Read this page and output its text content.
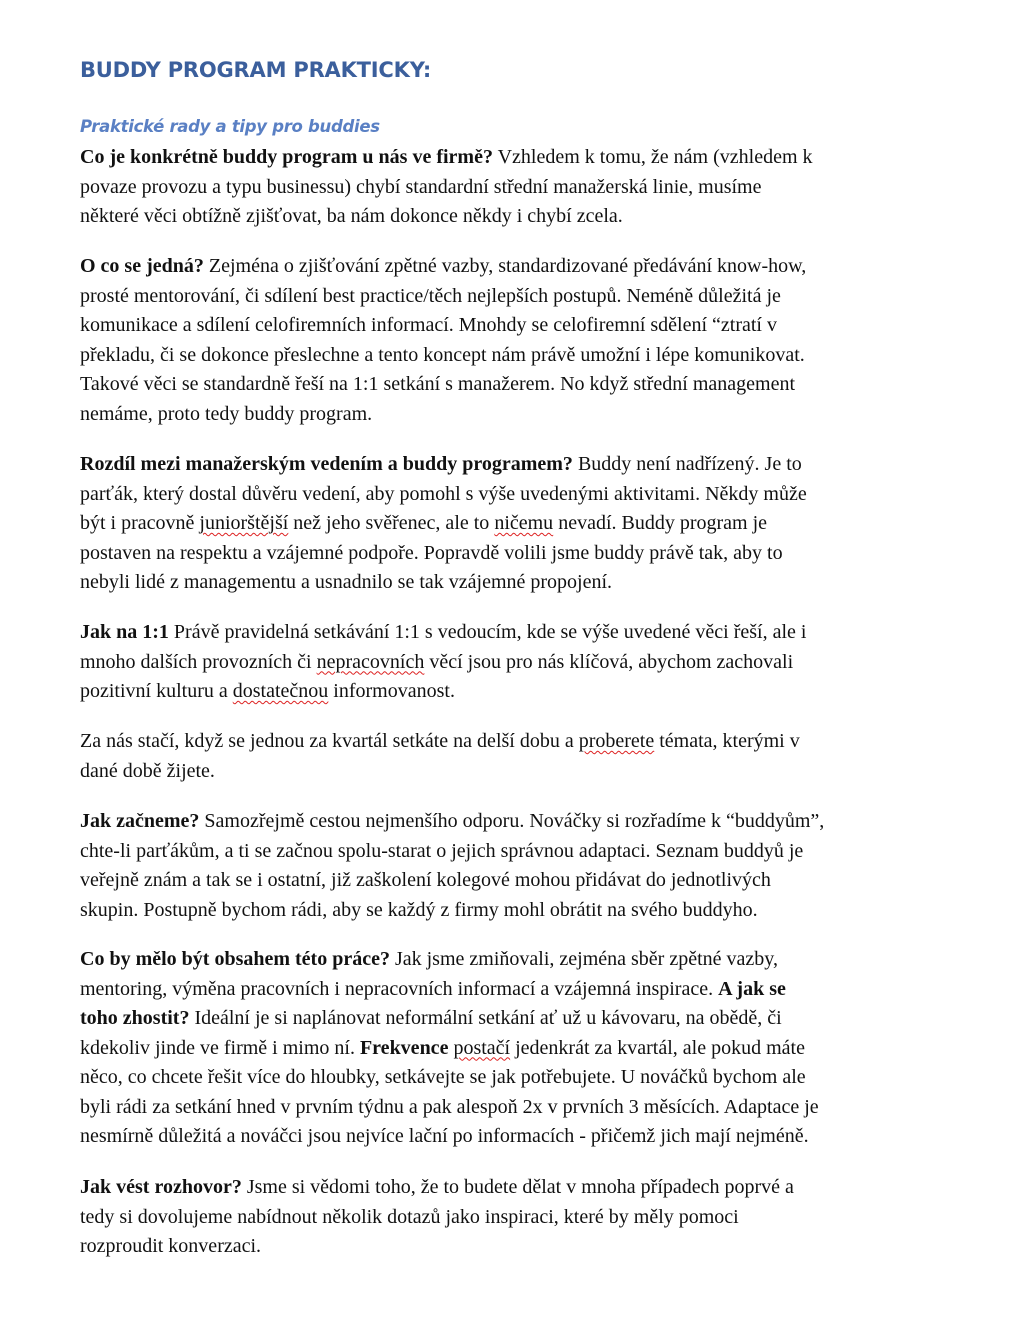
BUDDY PROGRAM PRAKTICKY:
Praktické rady a tipy pro buddies
Co je konkrétně buddy program u nás ve firmě? Vzhledem k tomu, že nám (vzhledem k
povaze provozu a typu businessu) chybí standardní střední manažerská linie, musíme
některé věci obtížně zjišťovat, ba nám dokonce někdy i chybí zcela.
O co se jedná? Zejména o zjišťování zpětné vazby, standardizované předávání know-how,
prosté mentorování, či sdílení best practice/těch nejlepších postupů. Neméně důležitá je
komunikace a sdílení celofiremních informací. Mnohdy se celofiremní sdělení “ztratí v
překladu, či se dokonce přeslechne a tento koncept nám právě umožní i lépe komunikovat.
Takové věci se standardně řeší na 1:1 setkání s manažerem. No když střední management
nemáme, proto tedy buddy program.
Rozdíl mezi manažerským vedením a buddy programem? Buddy není nadřízený. Je to
parťák, který dostal důvěru vedení, aby pomohl s výše uvedenými aktivitami. Někdy může
být i pracovně juniorštější než jeho svěřenec, ale to ničemu nevadí. Buddy program je
postaven na respektu a vzájemné podpoře. Popravdě volili jsme buddy právě tak, aby to
nebyli lidé z managementu a usnadnilo se tak vzájemné propojení.
Jak na 1:1 Právě pravidelná setkávání 1:1 s vedoucím, kde se výše uvedené věci řeší, ale i
mnoho dalších provozních či nepracovních věcí jsou pro nás klíčová, abychom zachovali
pozitivní kulturu a dostatečnou informovanost.
Za nás stačí, když se jednou za kvartál setkáte na delší dobu a proberete témata, kterými v
dané době žijete.
Jak začneme? Samozřejmě cestou nejmenšího odporu. Nováčky si rozřadíme k “buddyům”,
chte-li parťákům, a ti se začnou spolu-starat o jejich správnou adaptaci. Seznam buddyů je
veřejně znám a tak se i ostatní, již zaškolení kolegové mohou přidávat do jednotlivých
skupin. Postupně bychom rádi, aby se každý z firmy mohl obrátit na svého buddyho.
Co by mělo být obsahem této práce? Jak jsme zmiňovali, zejména sběr zpětné vazby,
mentoring, výměna pracovních i nepracovních informací a vzájemná inspirace. A jak se
toho zhostit? Ideální je si naplánovat neformální setkání ať už u kávovaru, na obědě, či
kdekoliv jinde ve firmě i mimo ní. Frekvence postačí jedenkrát za kvartál, ale pokud máte
něco, co chcete řešit více do hloubky, setkávejte se jak potřebujete. U nováčků bychom ale
byli rádi za setkání hned v prvním týdnu a pak alespoň 2x v prvních 3 měsících. Adaptace je
nesmírně důležitá a nováčci jsou nejvíce lační po informacích - přičemž jich mají nejméně.
Jak vést rozhovor? Jsme si vědomi toho, že to budete dělat v mnoha případech poprvé a
tedy si dovolujeme nabídnout několik dotazů jako inspiraci, které by měly pomoci
rozproudit konverzaci.
